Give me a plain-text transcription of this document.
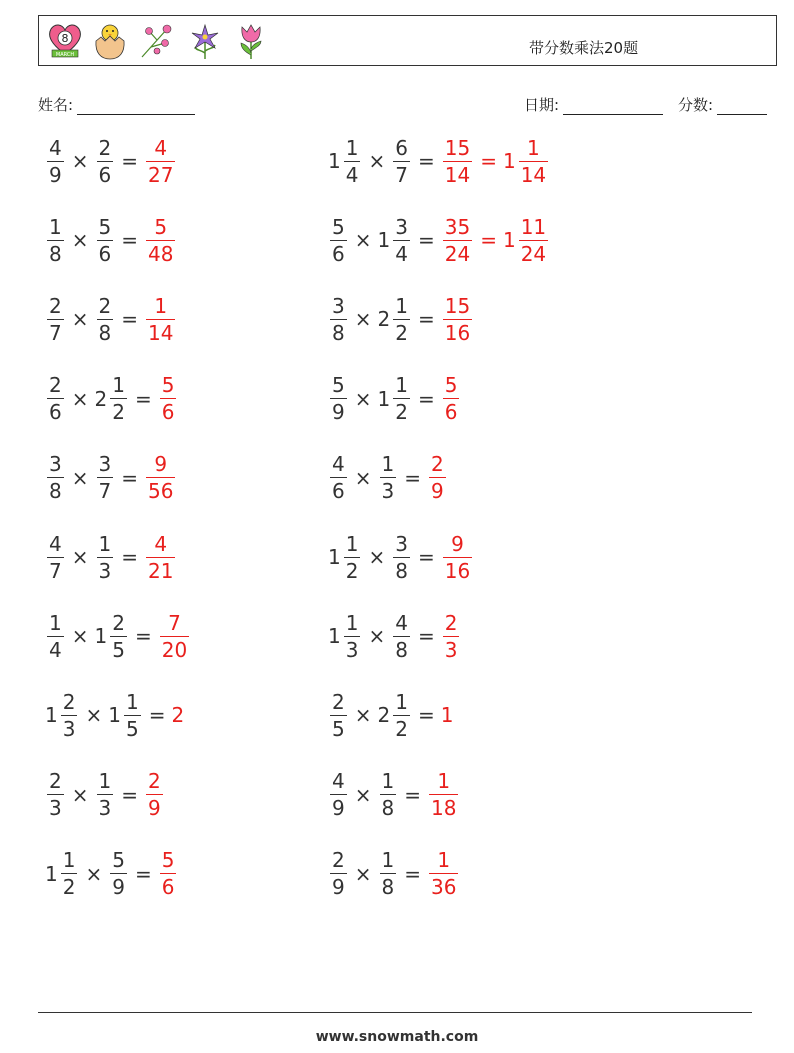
8
MARCH	带分数乘法20题
姓名:	日期:	分数:
$\frac{4}{9} \times \frac{2}{6} = \frac{4}{27}$	$1 \frac{1}{4} \times \frac{6}{7} = \frac{15}{14} = 1 \frac{1}{14}$
$\frac{1}{8} \times \frac{5}{6} = \frac{5}{48}$	$\frac{5}{6} \times 1 \frac{3}{4} = \frac{35}{24} = 1 \frac{11}{24}$
$\frac{2}{7} \times \frac{2}{8} = \frac{1}{14}$	$\frac{3}{8} \times 2 \frac{1}{2} = \frac{15}{16}$
$\frac{2}{6} \times 2 \frac{1}{2} = \frac{5}{6}$	$\frac{5}{9} \times 1 \frac{1}{2} = \frac{5}{6}$
$\frac{3}{8} \times \frac{3}{7} = \frac{9}{56}$	$\frac{4}{6} \times \frac{1}{3} = \frac{2}{9}$
$\frac{4}{7} \times \frac{1}{3} = \frac{4}{21}$	$1 \frac{1}{2} \times \frac{3}{8} = \frac{9}{16}$
$\frac{1}{4} \times 1 \frac{2}{5} = \frac{7}{20}$	$1 \frac{1}{3} \times \frac{4}{8} = \frac{2}{3}$
$1 \frac{2}{3} \times 1 \frac{1}{5} = 2$	$\frac{2}{5} \times 2 \frac{1}{2} = 1$
$\frac{2}{3} \times \frac{1}{3} = \frac{2}{9}$	$\frac{4}{9} \times \frac{1}{8} = \frac{1}{18}$
$1 \frac{1}{2} \times \frac{5}{9} = \frac{5}{6}$	$\frac{2}{9} \times \frac{1}{8} = \frac{1}{36}$
www.snowmath.com
